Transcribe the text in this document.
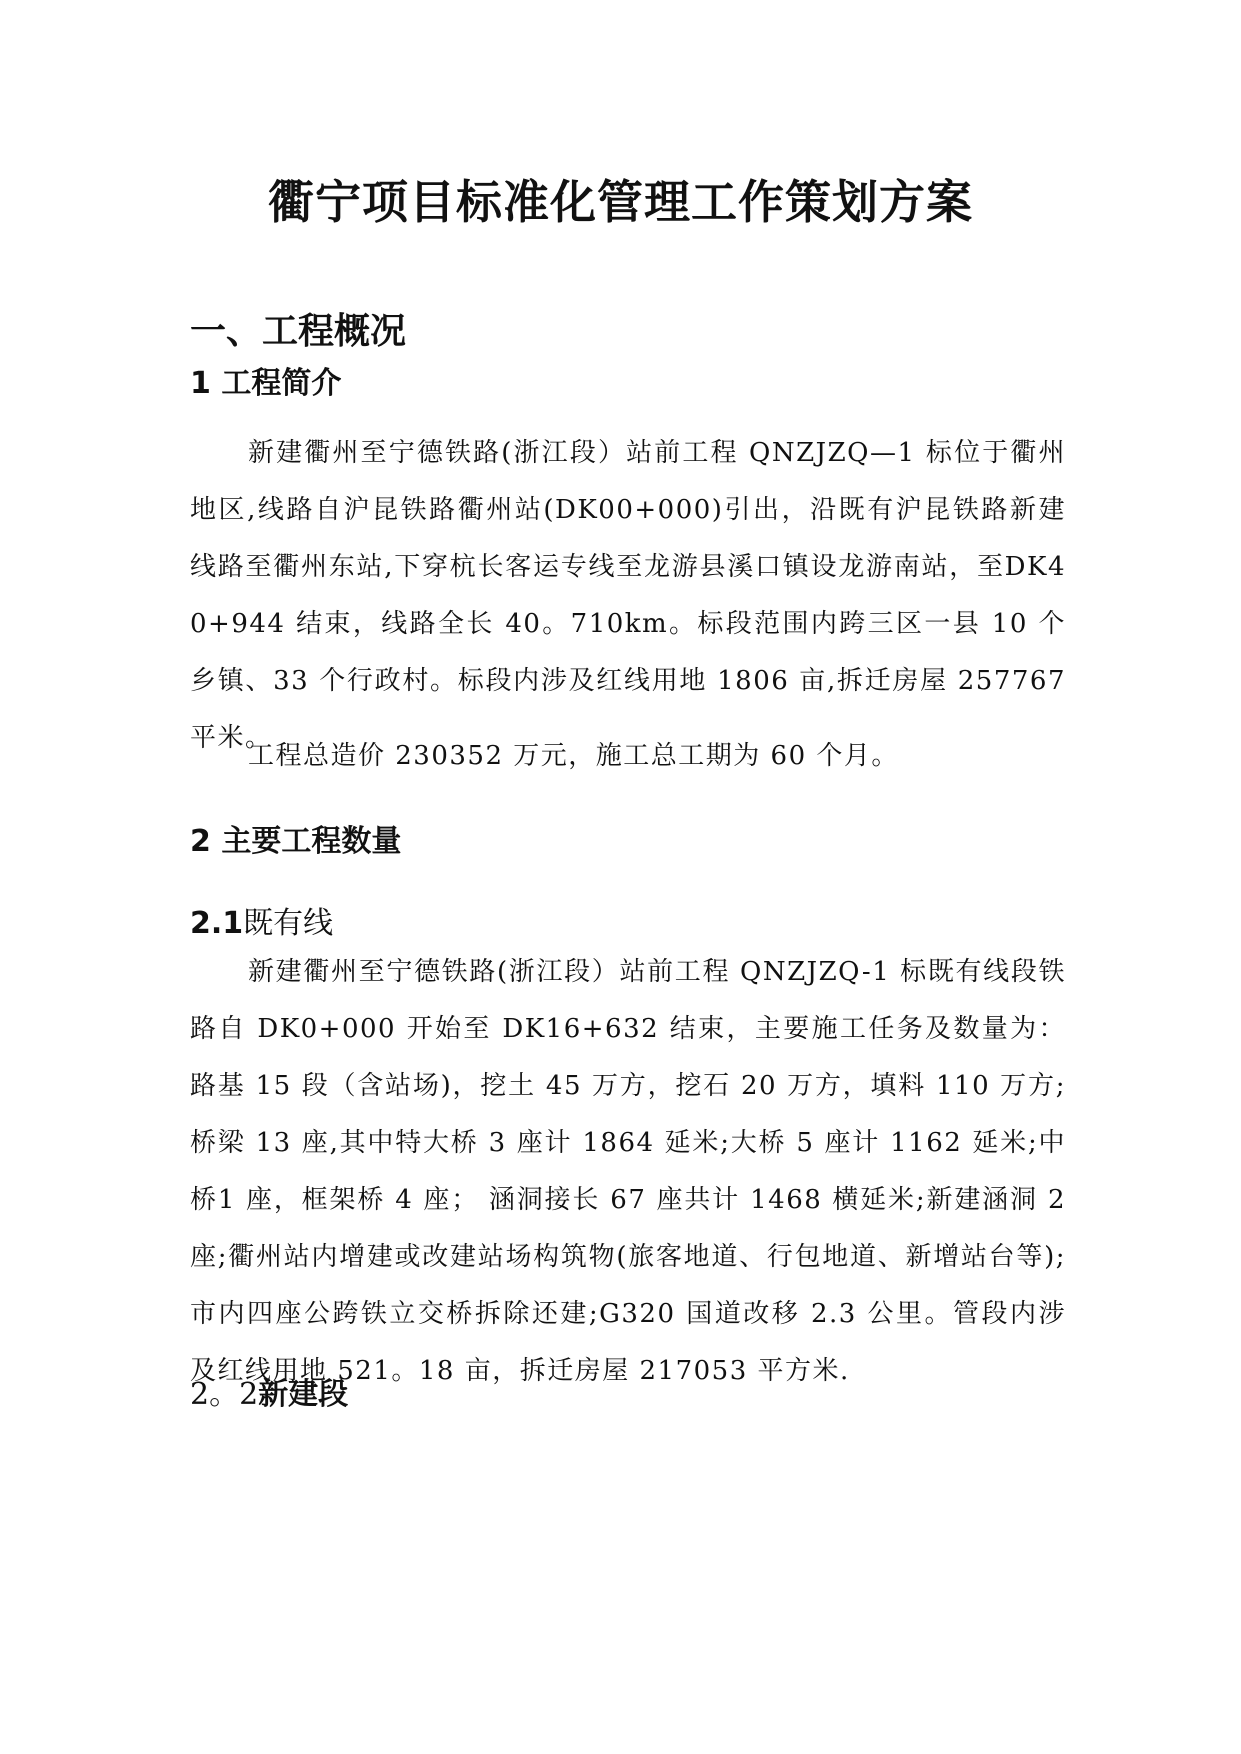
衢宁项目标准化管理工作策划方案
一、工程概况
1 工程简介
新建衢州至宁德铁路(浙江段）站前工程 QNZJZQ—1 标位于衢州地区,线路自沪昆铁路衢州站(DK00+000)引出，沿既有沪昆铁路新建线路至衢州东站,下穿杭长客运专线至龙游县溪口镇设龙游南站，至DK40+944 结束，线路全长 40。710km。标段范围内跨三区一县 10 个乡镇、33 个行政村。标段内涉及红线用地 1806 亩,拆迁房屋 257767平米。
工程总造价 230352 万元，施工总工期为 60 个月。
2 主要工程数量
2.1既有线
新建衢州至宁德铁路(浙江段）站前工程 QNZJZQ-1 标既有线段铁路自 DK0+000 开始至 DK16+632 结束，主要施工任务及数量为：路基 15 段（含站场)，挖土 45 万方，挖石 20 万方，填料 110 万方;桥梁 13 座,其中特大桥 3 座计 1864 延米;大桥 5 座计 1162 延米;中桥1 座，框架桥 4 座； 涵洞接长 67 座共计 1468 横延米;新建涵洞 2 座;衢州站内增建或改建站场构筑物(旅客地道、行包地道、新增站台等);　市内四座公跨铁立交桥拆除还建;G320 国道改移 2.3 公里。管段内涉及红线用地 521。18 亩，拆迁房屋 217053 平方米.
2。2新建段
